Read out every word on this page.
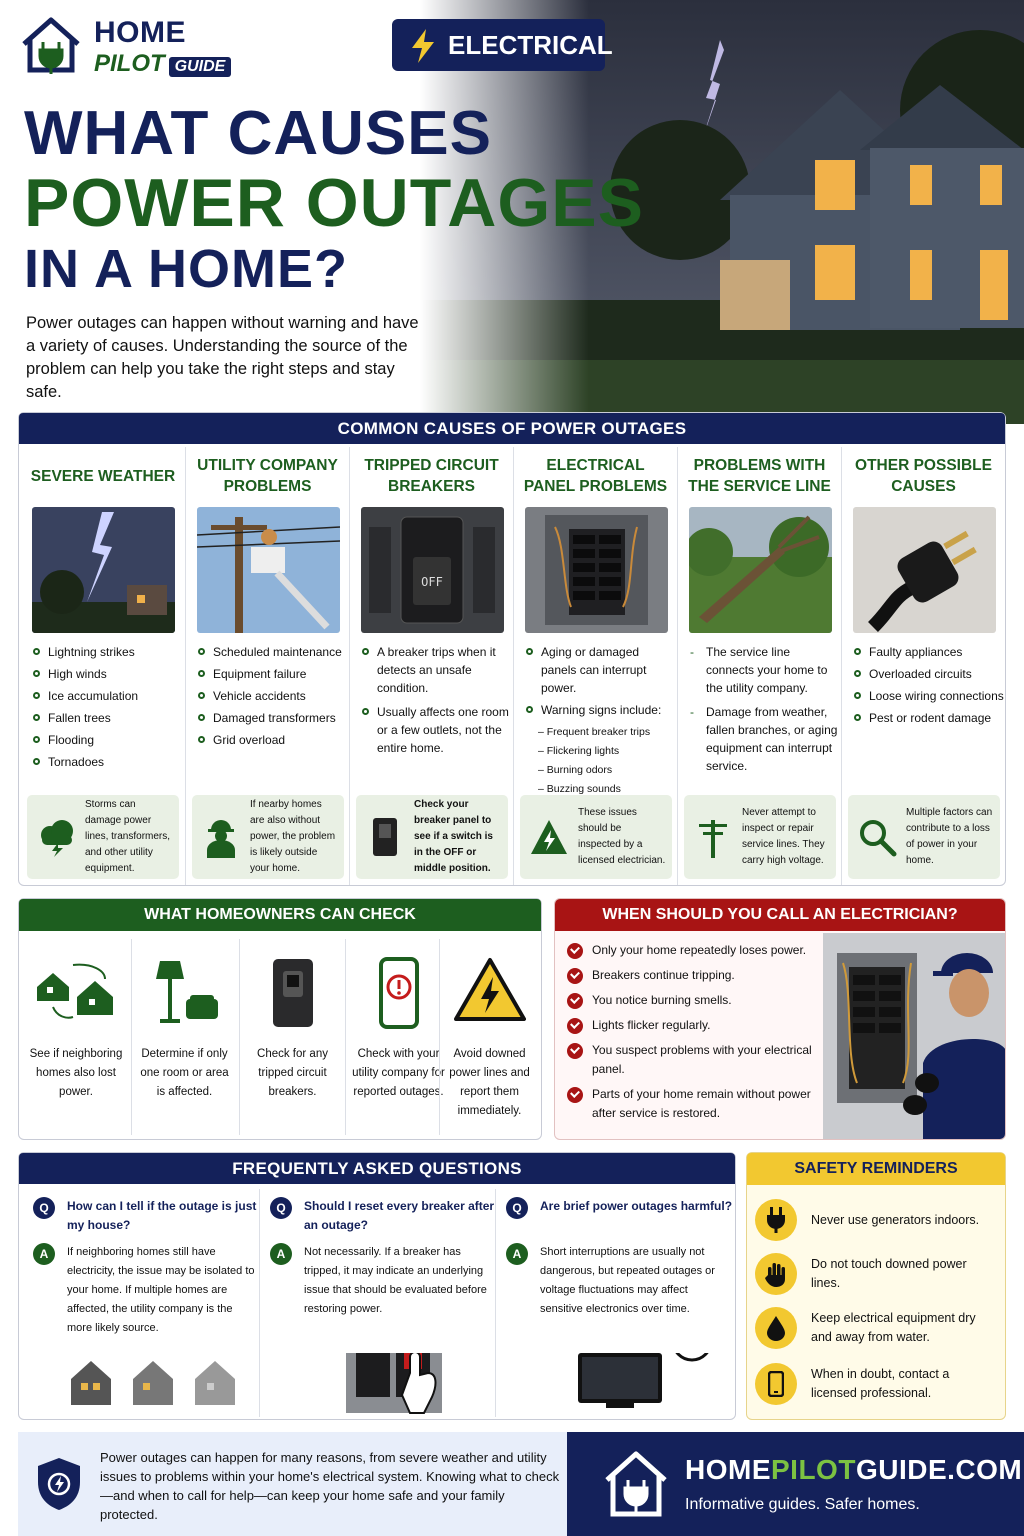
HOME
PILOT GUIDE
ELECTRICAL
WHAT CAUSES
POWER OUTAGES
IN A HOME?

Power outages can happen without warning and have a variety of causes. Understanding the source of the problem can help you take the right steps and stay safe.

COMMON CAUSES OF POWER OUTAGES
SEVERE WEATHER
Lightning strikes
High winds
Ice accumulation
Fallen trees
Flooding
Tornadoes
Storms can damage power lines, transformers, and other utility equipment.
UTILITY COMPANY PROBLEMS
Scheduled maintenance
Equipment failure
Vehicle accidents
Damaged transformers
Grid overload
If nearby homes are also without power, the problem is likely outside your home.
TRIPPED CIRCUIT BREAKERS
OFF
A breaker trips when it detects an unsafe condition.
Usually affects one room or a few outlets, not the entire home.
Check your breaker panel to see if a switch is in the OFF or middle position.
ELECTRICAL PANEL PROBLEMS
Aging or damaged panels can interrupt power.
Warning signs include:
– Frequent breaker trips
– Flickering lights
– Burning odors
– Buzzing sounds
These issues should be inspected by a licensed electrician.
PROBLEMS WITH THE SERVICE LINE
-	The service line connects your home to the utility company.
-	Damage from weather, fallen branches, or aging equipment can interrupt service.
Never attempt to inspect or repair service lines. They carry high voltage.
OTHER POSSIBLE CAUSES
Faulty appliances
Overloaded circuits
Loose wiring connections
Pest or rodent damage
Multiple factors can contribute to a loss of power in your home.
WHAT HOMEOWNERS CAN CHECK
See if neighboring homes also lost power.
Determine if only one room or area is affected.
Check for any tripped circuit breakers.
Check with your utility company for reported outages.
Avoid downed power lines and report them immediately.
WHEN SHOULD YOU CALL AN ELECTRICIAN?
Only your home repeatedly loses power.
Breakers continue tripping.
You notice burning smells.
Lights flicker regularly.
You suspect problems with your electrical panel.
Parts of your home remain without power after service is restored.
FREQUENTLY ASKED QUESTIONS
Q	How can I tell if the outage is just my house?
A	If neighboring homes still have electricity, the issue may be isolated to your home. If multiple homes are affected, the utility company is the more likely source.
Q	Should I reset every breaker after an outage?
A	Not necessarily. If a breaker has tripped, it may indicate an underlying issue that should be evaluated before restoring power.
Q	Are brief power outages harmful?
A	Short interruptions are usually not dangerous, but repeated outages or voltage fluctuations may affect sensitive electronics over time.
SAFETY REMINDERS
Never use generators indoors.
Do not touch downed power lines.
Keep electrical equipment dry and away from water.
When in doubt, contact a licensed professional.
Power outages can happen for many reasons, from severe weather and utility issues to problems within your home's electrical system. Knowing what to check—and when to call for help—can keep your home safe and your family protected.
HOMEPILOTGUIDE.COM
Informative guides. Safer homes.
